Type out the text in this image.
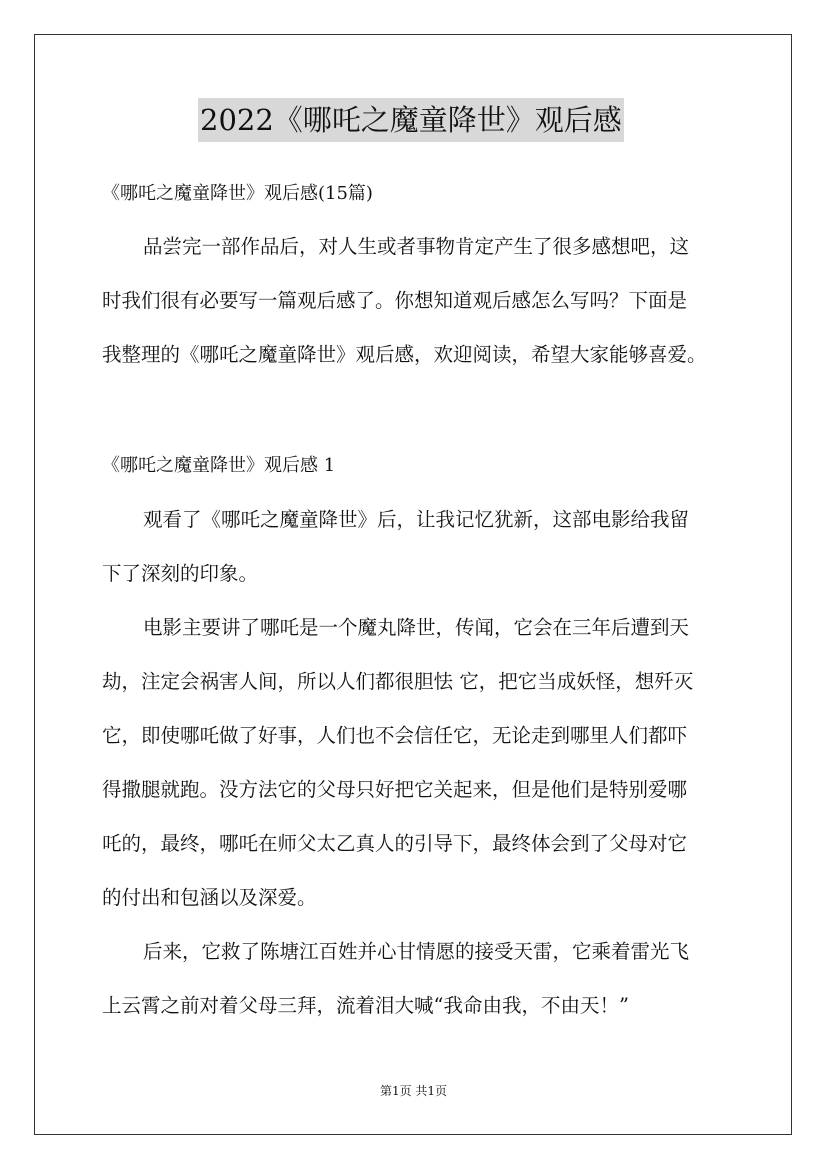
2022《哪吒之魔童降世》观后感
《哪吒之魔童降世》观后感(15篇)
品尝完一部作品后，对人生或者事物肯定产生了很多感想吧，这
时我们很有必要写一篇观后感了。你想知道观后感怎么写吗？下面是
我整理的《哪吒之魔童降世》观后感，欢迎阅读，希望大家能够喜爱。
《哪吒之魔童降世》观后感 1
观看了《哪吒之魔童降世》后，让我记忆犹新，这部电影给我留
下了深刻的印象。
电影主要讲了哪吒是一个魔丸降世，传闻，它会在三年后遭到天
劫，注定会祸害人间，所以人们都很胆怯 它，把它当成妖怪，想歼灭
它，即使哪吒做了好事，人们也不会信任它，无论走到哪里人们都吓
得撒腿就跑。没方法它的父母只好把它关起来，但是他们是特别爱哪
吒的，最终，哪吒在师父太乙真人的引导下，最终体会到了父母对它
的付出和包涵以及深爱。
后来，它救了陈塘江百姓并心甘情愿的接受天雷，它乘着雷光飞
上云霄之前对着父母三拜，流着泪大喊“我命由我，不由天！”
第1页 共1页
